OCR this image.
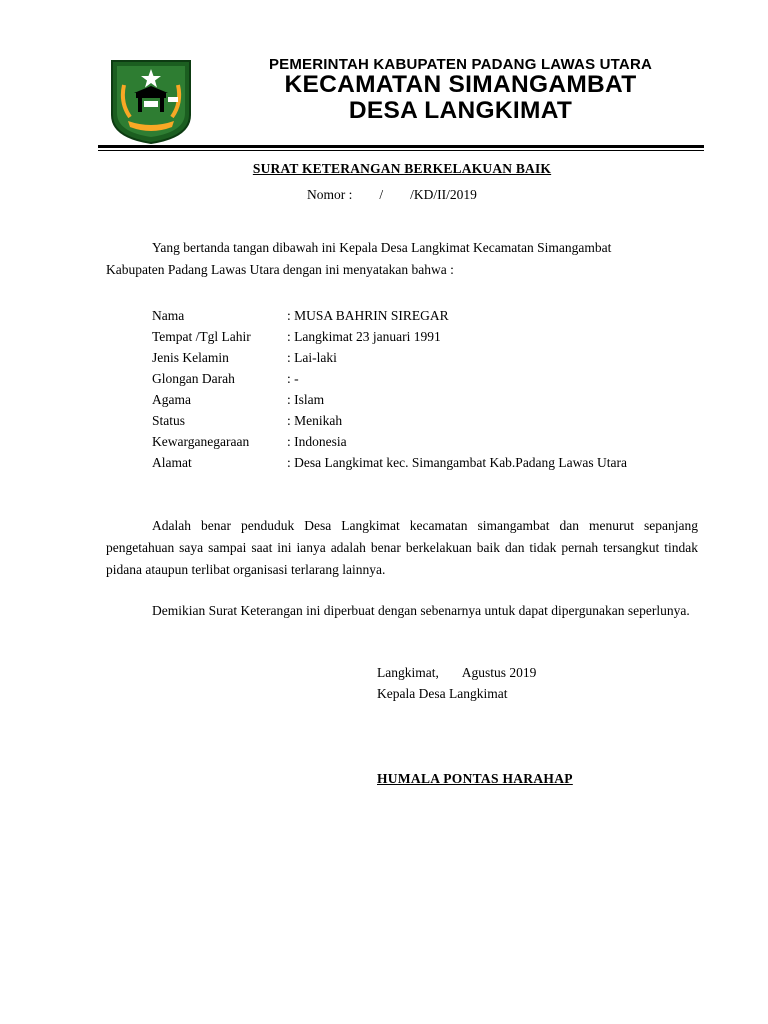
PEMERINTAH KABUPATEN PADANG LAWAS UTARA
KECAMATAN SIMANGAMBAT
DESA LANGKIMAT
SURAT KETERANGAN BERKELAKUAN BAIK
Nomor :        /        /KD/II/2019
Yang bertanda tangan dibawah ini Kepala Desa Langkimat Kecamatan Simangambat Kabupaten Padang Lawas Utara dengan ini menyatakan bahwa :
Nama	: MUSA BAHRIN SIREGAR
Tempat /Tgl Lahir	: Langkimat 23 januari 1991
Jenis Kelamin	: Lai-laki
Glongan Darah	: -
Agama	: Islam
Status	: Menikah
Kewarganegaraan	: Indonesia
Alamat	: Desa Langkimat kec. Simangambat Kab.Padang Lawas Utara
Adalah benar penduduk Desa Langkimat kecamatan simangambat dan menurut sepanjang pengetahuan saya sampai saat ini ianya adalah benar berkelakuan baik dan tidak pernah tersangkut tindak pidana ataupun terlibat organisasi terlarang lainnya.
Demikian Surat Keterangan ini diperbuat dengan sebenarnya untuk dapat dipergunakan seperlunya.
Langkimat,       Agustus 2019
Kepala Desa Langkimat
HUMALA PONTAS HARAHAP
